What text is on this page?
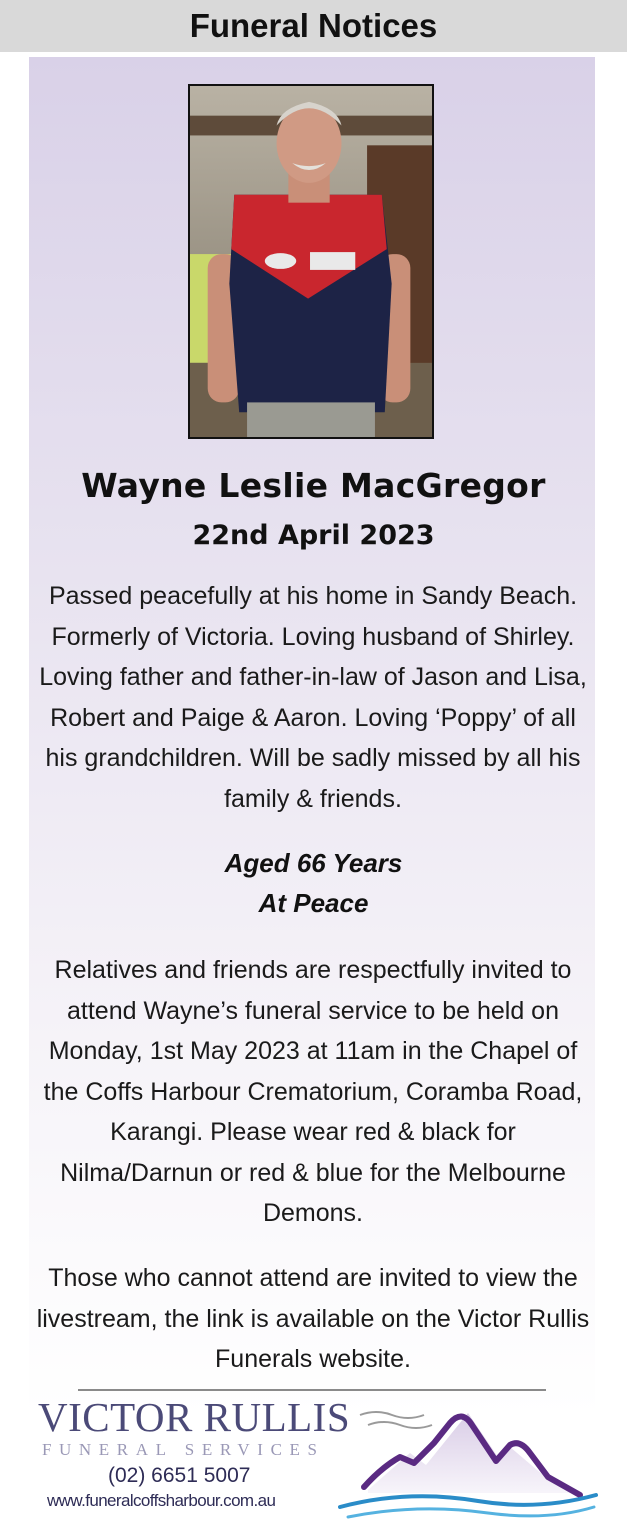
Funeral Notices
Wayne Leslie MacGregor
22nd April 2023

Passed peacefully at his home in Sandy Beach. Formerly of Victoria. Loving husband of Shirley. Loving father and father-in-law of Jason and Lisa, Robert and Paige & Aaron. Loving ‘Poppy’ of all his grandchildren. Will be sadly missed by all his family & friends.

Aged 66 Years
At Peace

Relatives and friends are respectfully invited to attend Wayne’s funeral service to be held on Monday, 1st May 2023 at 11am in the Chapel of the Coffs Harbour Crematorium, Coramba Road, Karangi. Please wear red & black for Nilma/Darnun or red & blue for the Melbourne Demons.

Those who cannot attend are invited to view the livestream, the link is available on the Victor Rullis Funerals website.

VICTOR RULLIS
FUNERAL SERVICES
(02) 6651 5007
www.funeralcoffsharbour.com.au
